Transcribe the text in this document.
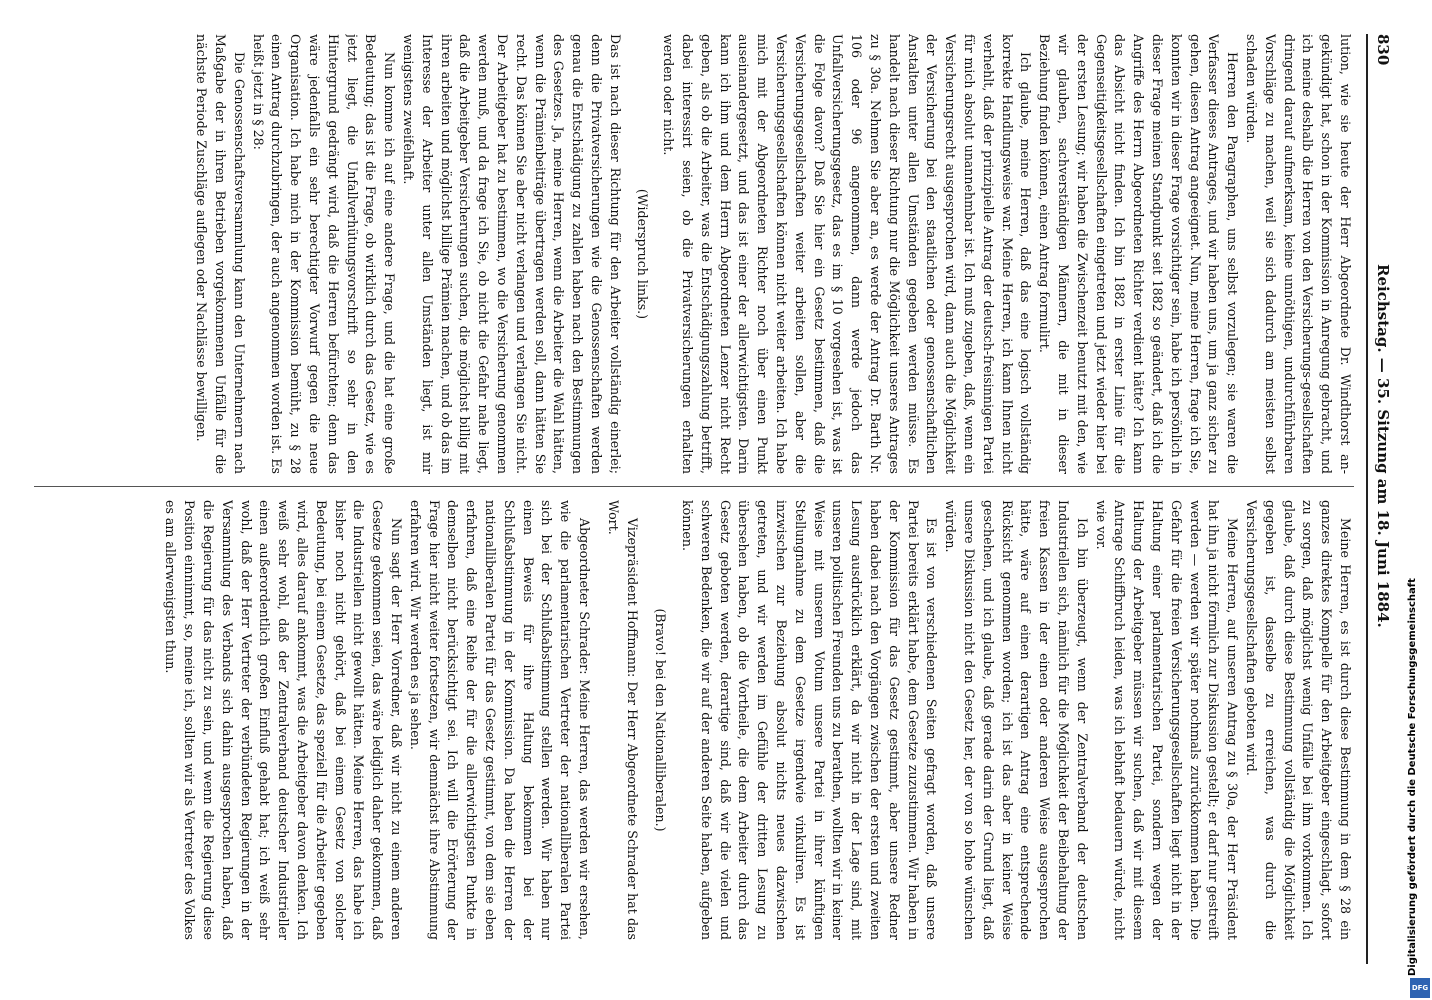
830
Reichstag. — 35. Sitzung am 18. Juni 1884.

lution, wie sie heute der Herr Abgeordnete Dr. Windthorst an-gekündigt hat, schon in der Kommission in Anregung gebracht, und ich meine deshalb die Herren von den Versicherungs-gesellschaften dringend darauf aufmerksam, keine unnöthigen, undurchführbaren Vorschläge zu machen, weil sie sich dadurch am meisten selbst schaden würden.

Herren den Paragraphen, uns selbst vorzulegen; sie waren die Verfasser dieses Antrages, und wir haben uns, um ja ganz sicher zu gehen, diesen Antrag angeeignet. Nun, meine Herren, frage ich Sie, konnten wir in dieser Frage vorsichtiger sein, habe ich persönlich in dieser Frage meinen Standpunkt seit 1882 so geändert, daß ich die Angriffe des Herrn Abgeordneten Richter verdient hätte? Ich kann das Absicht nicht finden. Ich bin 1882 in erster Linie für die Gegenseitigkeitsgesellschaften eingetreten und jetzt wieder hier bei der ersten Lesung; wir haben die Zwischenzeit benutzt mit den, wie wir glauben, sachverständigen Männern, die mit in dieser Beziehung finden können, einen Antrag formulirt.

Ich glaube, meine Herren, daß das eine logisch vollständig korrekte Handlungsweise war. Meine Herren, ich kann Ihnen nicht verhehlt, daß der prinzipielle Antrag der deutsch-freisinnigen Partei für mich absolut unannehmbar ist. Ich muß zugeben, daß, wenn ein Versicherungsrecht ausgesprochen wird, dann auch die Möglichkeit der Versicherung bei den staatlichen oder genossenschaftlichen Anstalten unter allen Umständen gegeben werden müsse. Es handelt nach dieser Richtung nur die Möglichkeit unseres Antrages zu § 30a. Nehmen Sie aber an, es werde der Antrag Dr. Barth Nr. 106 oder 96 angenommen, dann werde jedoch das Unfallversicherungsgesetz, das es im § 10 vorgesehen ist, was ist die Folge davon? Daß Sie hier ein Gesetz bestimmen, daß die Versicherungsgesellschaften weiter arbeiten sollen, aber die Versicherungsgesellschaften können nicht weiter arbeiten. Ich habe mich mit der Abgeordneten Richter noch über einen Punkt auseinandergesetzt, und das ist einer der allerwichtigsten. Darin kann ich ihm und dem Herrn Abgeordneten Lenzer nicht Recht geben, als ob die Arbeiter, was die Entschädigungszahlung betrifft, dabei interessirt seien, ob die Privatversicherungen erhalten werden oder nicht.

(Widerspruch links.)

Das ist nach dieser Richtung für den Arbeiter vollständig einerlei; denn die Privatversicherungen wie die Genossenschaften werden genau die Entschädigung zu zahlen haben nach den Bestimmungen des Gesetzes. Ja, meine Herren, wenn die Arbeiter die Wahl hätten, wenn die Prämienbeiträge übertragen werden soll, dann hätten Sie recht. Das können Sie aber nicht verlangen und verlangen Sie nicht. Der Arbeitgeber hat zu bestimmen, wo die Versicherung genommen werden muß, und da frage ich Sie, ob nicht die Gefahr nahe liegt, daß die Arbeitgeber Versicherungen suchen, die möglichst billig mit ihren arbeiten und möglichst billige Prämien machen, und ob das im Interesse der Arbeiter unter allen Umständen liegt, ist mir wenigstens zweifelhaft.

Nun komme ich auf eine andere Frage, und die hat eine große Bedeutung; das ist die Frage, ob wirklich durch das Gesetz, wie es jetzt liegt, die Unfallverhütungsvorschrift so sehr in den Hintergrund gedrängt wird, daß die Herren befürchten; denn das wäre jedenfalls ein sehr berechtigter Vorwurf gegen die neue Organisation. Ich habe mich in der Kommission bemüht, zu § 28 einen Antrag durchzubringen, der auch angenommen worden ist. Es heißt jetzt in § 28:

Die Genossenschaftsversammlung kann den Unternehmern nach Maßgabe der in ihren Betrieben vorgekommenen Unfälle für die nächste Periode Zuschläge auflegen oder Nachlässe bewilligen.

Meine Herren, es ist durch diese Bestimmung in dem § 28 ein ganzes direktes Kompelle für den Arbeitgeber eingeschlagt, sofort zu sorgen, daß möglichst wenig Unfälle bei ihm vorkommen. Ich glaube, daß durch diese Bestimmung vollständig die Möglichkeit gegeben ist, dasselbe zu erreichen, was durch die Versicherungsgesellschaften geboten wird.

Meine Herren, auf unseren Antrag zu § 30a, der Herr Präsident hat ihn ja nicht förmlich zur Diskussion gestellt; er darf nur gestreift werden — werden wir später nochmals zurückkommen haben. Die Gefahr für die freien Versicherungsgesellschaften liegt nicht in der Haltung einer parlamentarischen Partei, sondern wegen der Haltung der Arbeitgeber müssen wir suchen, daß wir mit diesem Antrage Schiffbruch leiden, was ich lebhaft bedauern würde, nicht wie vor.

Ich bin überzeugt, wenn der Zentralverband der deutschen Industriellen sich, nämlich für die Möglichkeit der Beibehaltung der freien Kassen in der einen oder anderen Weise ausgesprochen hätte, wäre auf einen derartigen Antrag eine entsprechende Rücksicht genommen worden; ich ist das aber in keiner Weise geschehen, und ich glaube, daß gerade darin der Grund liegt, daß unsere Diskussion nicht den Gesetz her, der von so hohe wünschen würden.

Es ist von verschiedenen Seiten gefragt worden, daß unsere Partei bereits erklärt habe, dem Gesetze zuzustimmen. Wir haben in der Kommission für das Gesetz gestimmt, aber unsere Redner haben dabei nach den Vorgängen zwischen der ersten und zweiten Lesung ausdrücklich erklärt, da wir nicht in der Lage sind, mit unseren politischen Freunden uns zu berathen, wollten wir in keiner Weise mit unserem Votum unsere Partei in ihrer künftigen Stellungnahme zu dem Gesetze irgendwie vinkuliren. Es ist inzwischen zur Beziehung absolut nichts neues dazwischen getreten, und wir werden im Gefühle der dritten Lesung zu übersehen haben, ob die Vortheile, die dem Arbeiter durch das Gesetz geboten werden, derartige sind, daß wir die vielen und schweren Bedenken, die wir auf der anderen Seite haben, aufgeben können.

(Bravo! bei den Nationalliberalen.)

Vizepräsident Hoffmann: Der Herr Abgeordnete Schrader hat das Wort.

Abgeordneter Schrader: Meine Herren, das werden wir ersehen, wie die parlamentarischen Vertreter der nationalliberalen Partei sich bei der Schlußabstimmung stellen werden. Wir haben nur einen Beweis für ihre Haltung bekommen bei der Schlußabstimmung in der Kommission. Da haben die Herren der nationalliberalen Partei für das Gesetz gestimmt, von dem sie eben erfahren, daß eine Reihe der für die allerwichtigsten Punkte in demselben nicht berücksichtigt sei. Ich will die Erörterung der Frage hier nicht weiter fortsetzen, wir demnächst ihre Abstimmung erfahren wird. Wir werden es ja sehen.

Nun sagt der Herr Vorredner, daß wir nicht zu einem anderen Gesetze gekommen seien, das wäre lediglich daher gekommen, daß die Industriellen nicht gewollt hätten. Meine Herren, das habe ich bisher noch nicht gehört, daß bei einem Gesetz von solcher Bedeutung, bei einem Gesetze, das speziell für die Arbeiter gegeben wird, alles darauf ankommt, was die Arbeitgeber davon denken. Ich weiß sehr wohl, daß der Zentralverband deutscher Industrieller einen außerordentlich großen Einfluß gehabt hat; ich weiß sehr wohl, daß der Herr Vertreter der verbündeten Regierungen in der Versammlung des Verbands sich dahin ausgesprochen haben, daß die Regierung für das nicht zu sein, und wenn die Regierung diese Position einnimmt, so, meine ich, sollten wir als Vertreter des Volkes es am allerwenigsten thun.	Digitalisierung gefördert durch die Deutsche Forschungsgemeinschaft
DFG
